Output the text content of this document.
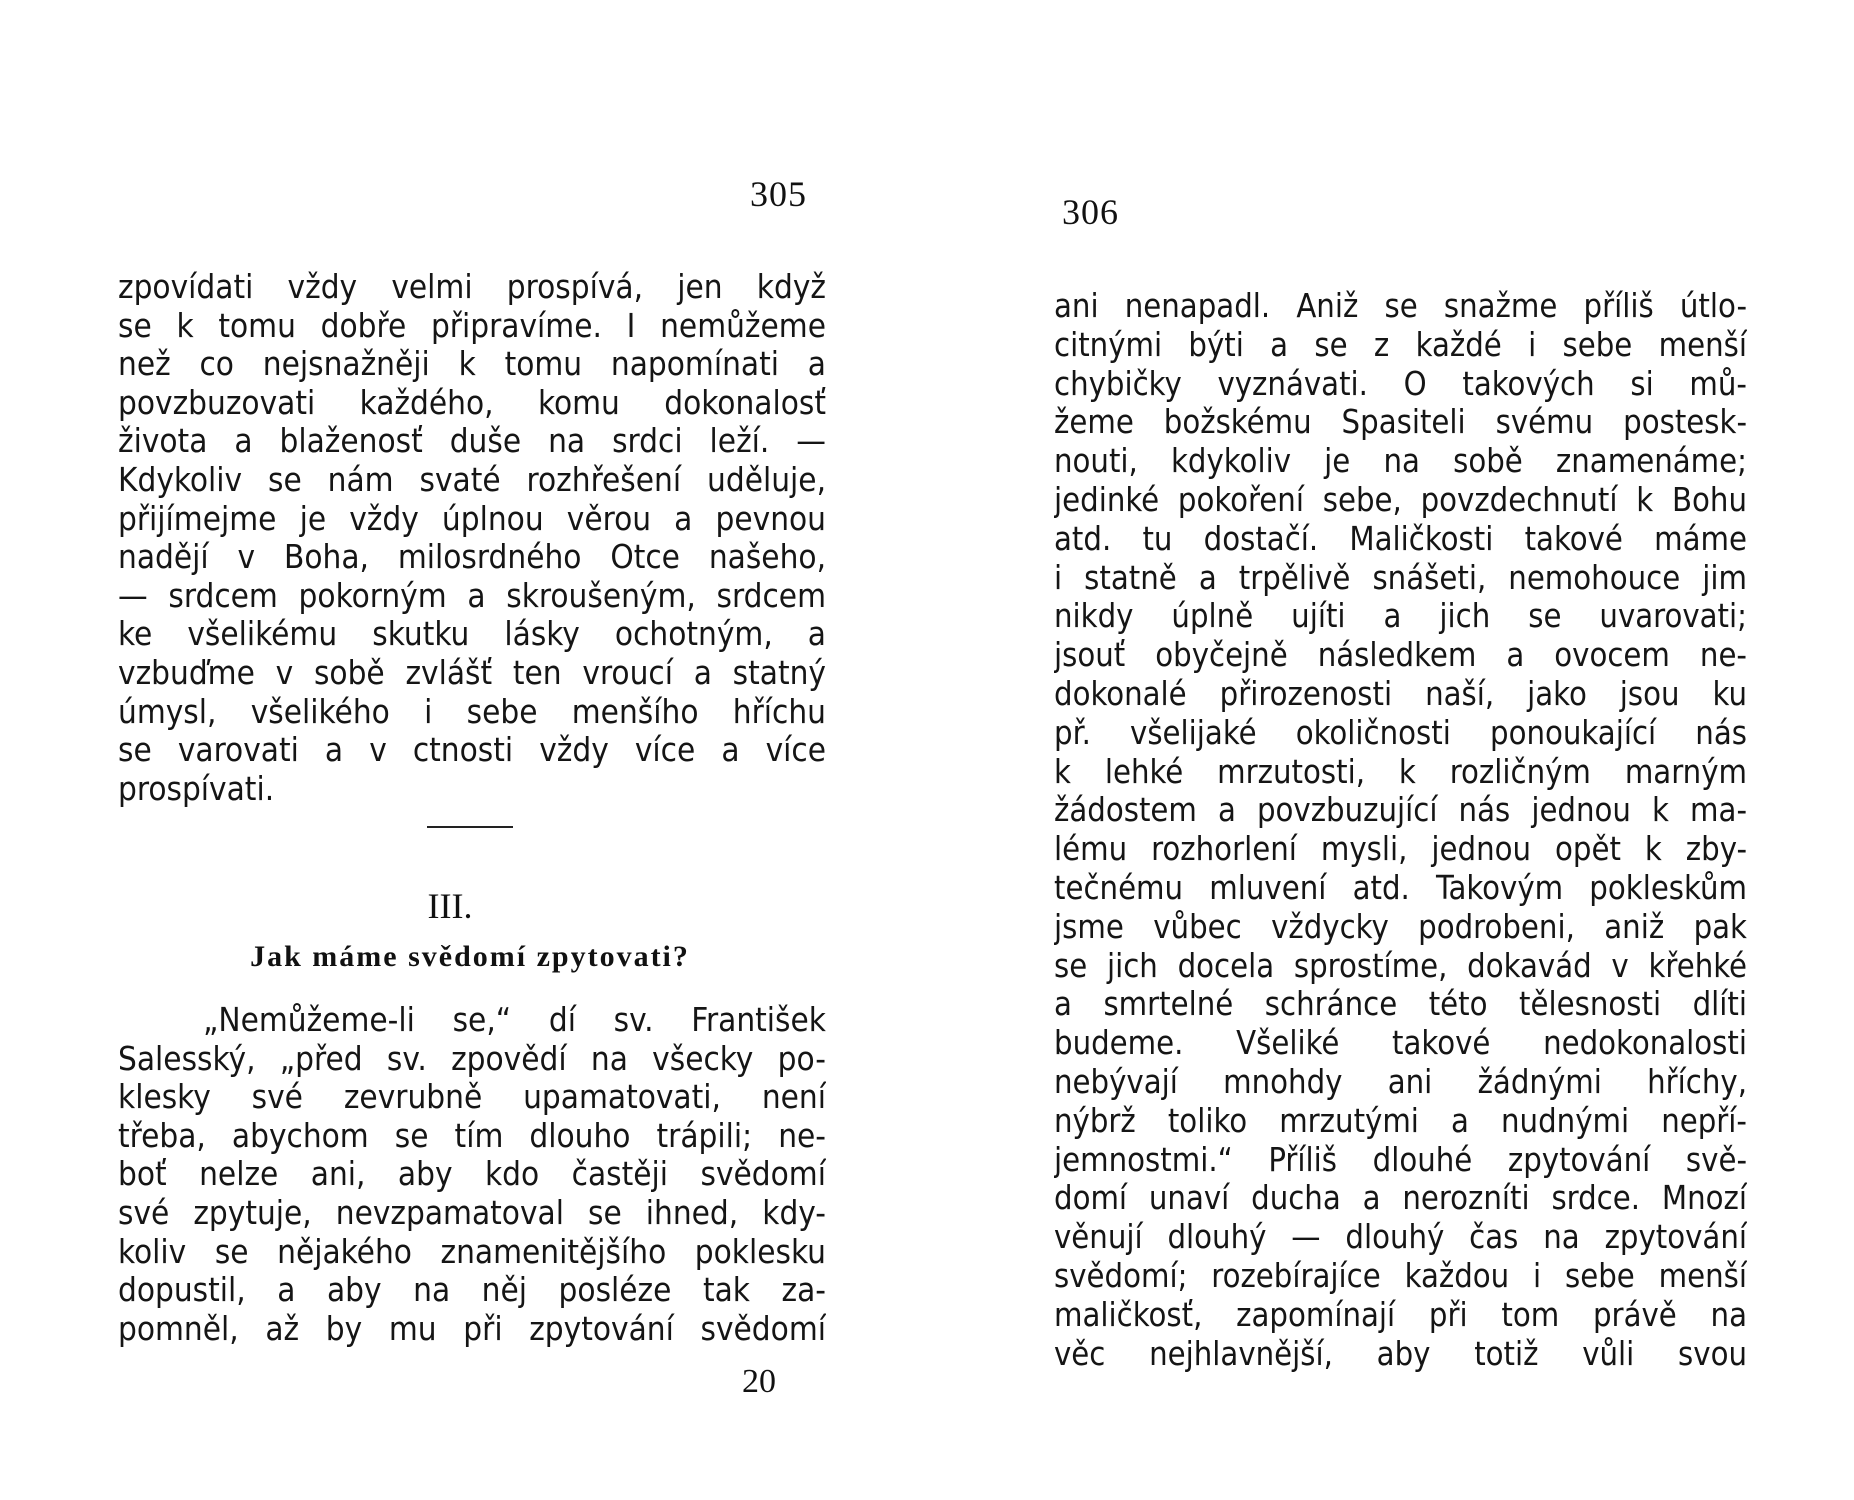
305
zpovídati vždy velmi prospívá, jen když
se k tomu dobře připravíme. I nemůžeme
než co nejsnažněji k tomu napomínati a
povzbuzovati každého, komu dokonalosť
života a blaženosť duše na srdci leží. —
Kdykoliv se nám svaté rozhřešení uděluje,
přijímejme je vždy úplnou věrou a pevnou
nadějí v Boha, milosrdného Otce našeho,
— srdcem pokorným a skroušeným, srdcem
ke všelikému skutku lásky ochotným, a
vzbuďme v sobě zvlášť ten vroucí a statný
úmysl, všelikého i sebe menšího hříchu
se varovati a v ctnosti vždy více a více
prospívati.
III.
Jak máme svědomí zpytovati?
„Nemůžeme-li se,“ dí sv. František
Salesský, „před sv. zpovědí na všecky po-
klesky své zevrubně upamatovati, není
třeba, abychom se tím dlouho trápili; ne-
boť nelze ani, aby kdo častěji svědomí
své zpytuje, nevzpamatoval se ihned, kdy-
koliv se nějakého znamenitějšího poklesku
dopustil, a aby na něj posléze tak za-
pomněl, až by mu při zpytování svědomí
20
306
ani nenapadl. Aniž se snažme příliš útlo-
citnými býti a se z každé i sebe menší
chybičky vyznávati. O takových si mů-
žeme božskému Spasiteli svému postesk-
nouti, kdykoliv je na sobě znamenáme;
jedinké pokoření sebe, povzdechnutí k Bohu
atd. tu dostačí. Maličkosti takové máme
i statně a trpělivě snášeti, nemohouce jim
nikdy úplně ujíti a jich se uvarovati;
jsouť obyčejně následkem a ovocem ne-
dokonalé přirozenosti naší, jako jsou ku
př. všelijaké okoličnosti ponoukající nás
k lehké mrzutosti, k rozličným marným
žádostem a povzbuzující nás jednou k ma-
lému rozhorlení mysli, jednou opět k zby-
tečnému mluvení atd. Takovým pokleskům
jsme vůbec vždycky podrobeni, aniž pak
se jich docela sprostíme, dokavád v křehké
a smrtelné schránce této tělesnosti dlíti
budeme. Všeliké takové nedokonalosti
nebývají mnohdy ani žádnými hříchy,
nýbrž toliko mrzutými a nudnými nepří-
jemnostmi.“ Příliš dlouhé zpytování svě-
domí unaví ducha a nerozníti srdce. Mnozí
věnují dlouhý — dlouhý čas na zpytování
svědomí; rozebírajíce každou i sebe menší
maličkosť, zapomínají při tom právě na
věc nejhlavnější, aby totiž vůli svou
